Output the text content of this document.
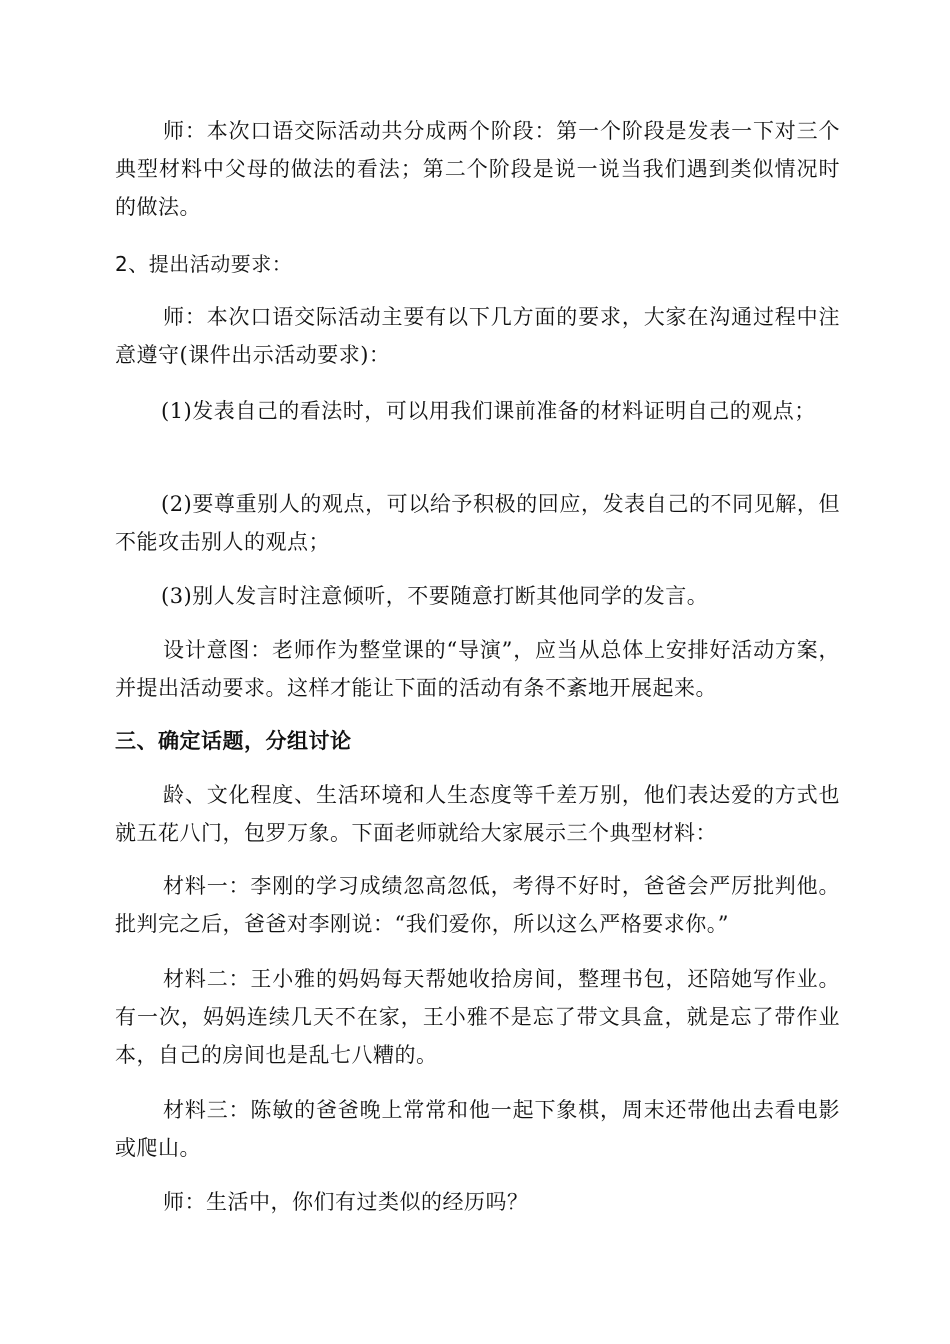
师：本次口语交际活动共分成两个阶段：第一个阶段是发表一下对三个典型材料中父母的做法的看法；第二个阶段是说一说当我们遇到类似情况时的做法。

2、提出活动要求：

师：本次口语交际活动主要有以下几方面的要求，大家在沟通过程中注意遵守(课件出示活动要求)：

(1)发表自己的看法时，可以用我们课前准备的材料证明自己的观点；

(2)要尊重别人的观点，可以给予积极的回应，发表自己的不同见解，但不能攻击别人的观点；

(3)别人发言时注意倾听，不要随意打断其他同学的发言。

设计意图：老师作为整堂课的“导演”，应当从总体上安排好活动方案，并提出活动要求。这样才能让下面的活动有条不紊地开展起来。

三、确定话题，分组讨论

龄、文化程度、生活环境和人生态度等千差万别，他们表达爱的方式也就五花八门，包罗万象。下面老师就给大家展示三个典型材料：

材料一：李刚的学习成绩忽高忽低，考得不好时，爸爸会严厉批判他。批判完之后，爸爸对李刚说：“我们爱你，所以这么严格要求你。”

材料二：王小雅的妈妈每天帮她收拾房间，整理书包，还陪她写作业。有一次，妈妈连续几天不在家，王小雅不是忘了带文具盒，就是忘了带作业本，自己的房间也是乱七八糟的。

材料三：陈敏的爸爸晚上常常和他一起下象棋，周末还带他出去看电影或爬山。

师：生活中，你们有过类似的经历吗？
